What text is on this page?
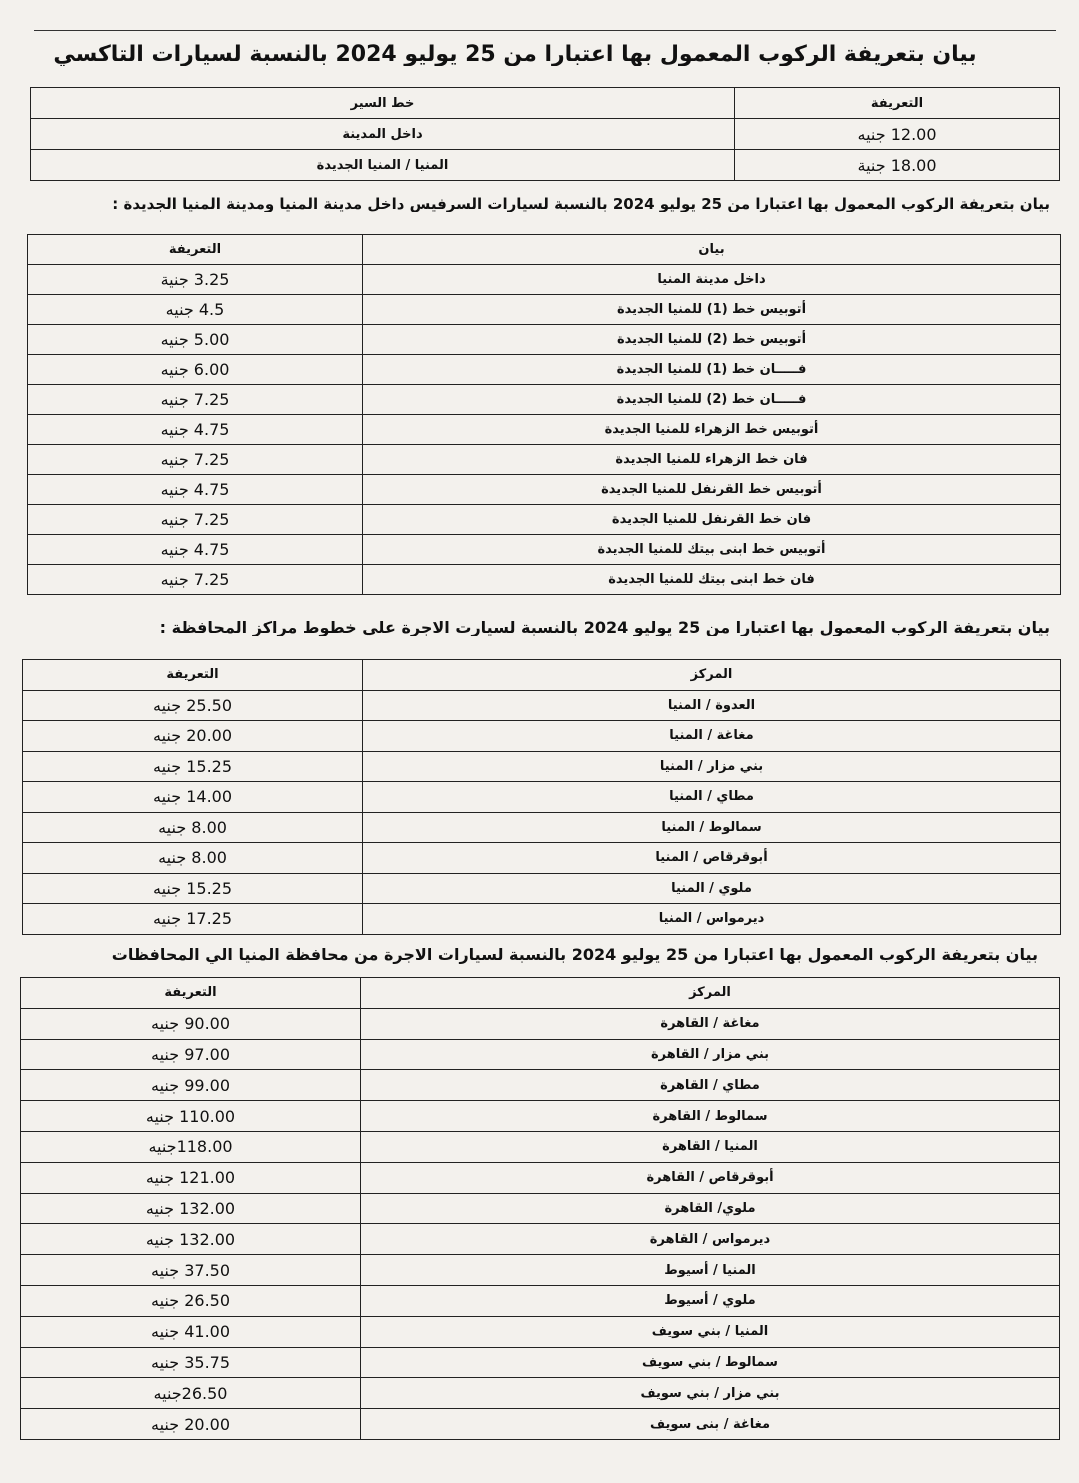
بيان بتعريفة الركوب المعمول بها اعتبارا من 25 يوليو 2024 بالنسبة لسيارات التاكسي
خط السير	التعريفة
داخل المدينة	12.00 جنيه
المنيا / المنيا الجديدة	18.00 جنية
بيان بتعريفة الركوب المعمول بها اعتبارا من 25 يوليو 2024 بالنسبة لسيارات السرفيس داخل مدينة المنيا ومدينة المنيا الجديدة :
التعريفة	بيان
3.25 جنية	داخل مدينة المنيا
4.5 جنيه	أتوبيس خط (1) للمنيا الجديدة
5.00 جنيه	أتوبيس خط (2) للمنيا الجديدة
6.00 جنيه	فـــــان خط (1) للمنيا الجديدة
7.25 جنيه	فـــــان خط (2) للمنيا الجديدة
4.75 جنيه	أتوبيس خط الزهراء للمنيا الجديدة
7.25 جنيه	فان خط الزهراء للمنيا الجديدة
4.75 جنيه	أتوبيس خط القرنفل للمنيا الجديدة
7.25 جنيه	فان خط القرنفل للمنيا الجديدة
4.75 جنيه	أتوبيس خط ابنى بيتك للمنيا الجديدة
7.25 جنيه	فان خط ابنى بيتك للمنيا الجديدة
بيان بتعريفة الركوب المعمول بها اعتبارا من 25 يوليو 2024 بالنسبة لسيارت الاجرة علي خطوط مراكز المحافظة :
التعريفة	المركز
25.50 جنيه	العدوة / المنيا
20.00 جنيه	مغاغة / المنيا
15.25 جنيه	بني مزار / المنيا
14.00 جنيه	مطاي / المنيا
8.00 جنيه	سمالوط / المنيا
8.00 جنيه	أبوقرقاص / المنيا
15.25 جنيه	ملوي / المنيا
17.25 جنيه	ديرمواس / المنيا
بيان بتعريفة الركوب المعمول بها اعتبارا من 25 يوليو 2024 بالنسبة لسيارات الاجرة من محافظة المنيا الي المحافظات
التعريفة	المركز
90.00 جنيه	مغاغة / القاهرة
97.00 جنيه	بني مزار / القاهرة
99.00 جنيه	مطاي / القاهرة
110.00 جنيه	سمالوط / القاهرة
118.00جنيه	المنيا / القاهرة
121.00 جنيه	أبوقرقاص / القاهرة
132.00 جنيه	ملوي/ القاهرة
132.00 جنيه	ديرمواس / القاهرة
37.50 جنيه	المنيا / أسيوط
26.50 جنيه	ملوي / أسيوط
41.00 جنيه	المنيا / بني سويف
35.75 جنيه	سمالوط / بني سويف
26.50جنيه	بني مزار / بني سويف
20.00 جنيه	مغاغة / بنى سويف
